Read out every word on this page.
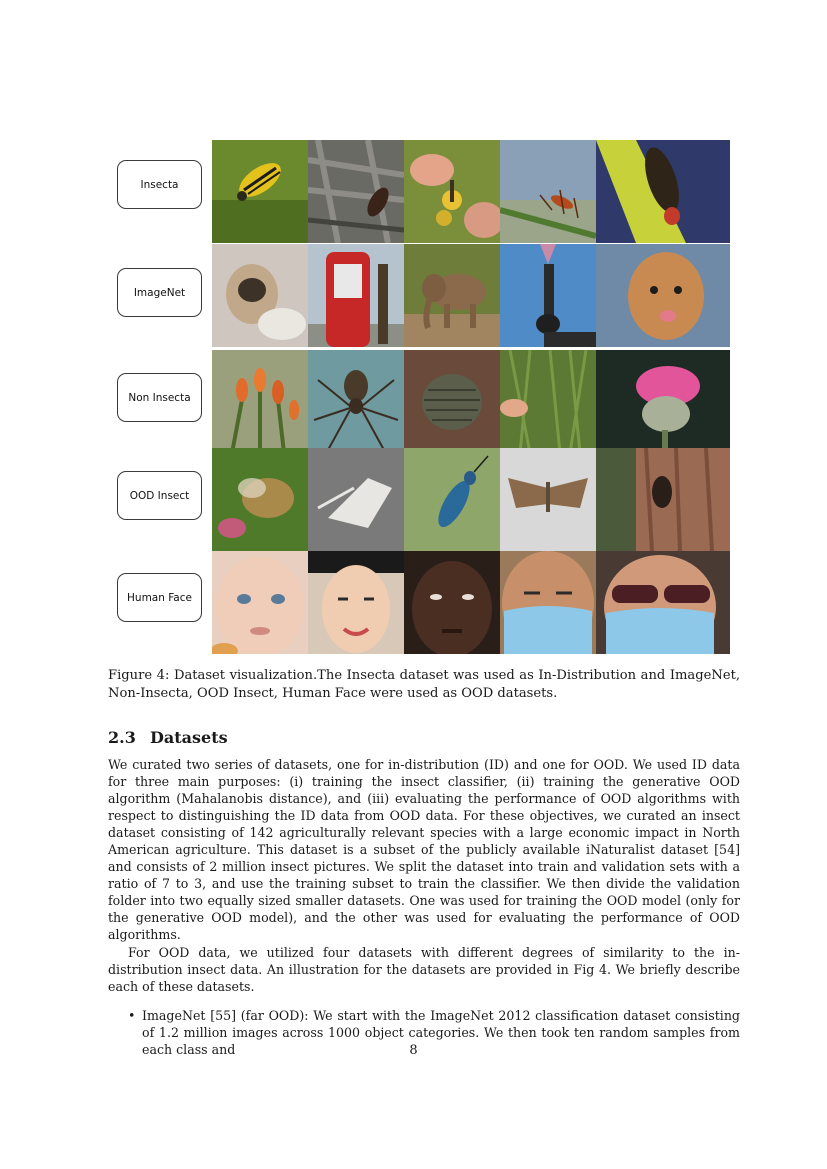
Insecta
ImageNet
Non Insecta
OOD Insect
Human Face
Figure 4: Dataset visualization.The Insecta dataset was used as In-Distribution and ImageNet, Non-Insecta, OOD Insect, Human Face were used as OOD datasets.
2.3 Datasets

We curated two series of datasets, one for in-distribution (ID) and one for OOD. We used ID data for three main purposes: (i) training the insect classifier, (ii) training the generative OOD algorithm (Mahalanobis distance), and (iii) evaluating the performance of OOD algorithms with respect to distinguishing the ID data from OOD data. For these objectives, we curated an insect dataset consisting of 142 agriculturally relevant species with a large economic impact in North American agriculture. This dataset is a subset of the publicly available iNaturalist dataset [54] and consists of 2 million insect pictures. We split the dataset into train and validation sets with a ratio of 7 to 3, and use the training subset to train the classifier. We then divide the validation folder into two equally sized smaller datasets. One was used for training the OOD model (only for the generative OOD model), and the other was used for evaluating the performance of OOD algorithms.

For OOD data, we utilized four datasets with different degrees of similarity to the in-distribution insect data. An illustration for the datasets are provided in Fig 4. We briefly describe each of these datasets.

• ImageNet [55] (far OOD): We start with the ImageNet 2012 classification dataset consisting of 1.2 million images across 1000 object categories. We then took ten random samples from each class and	8
